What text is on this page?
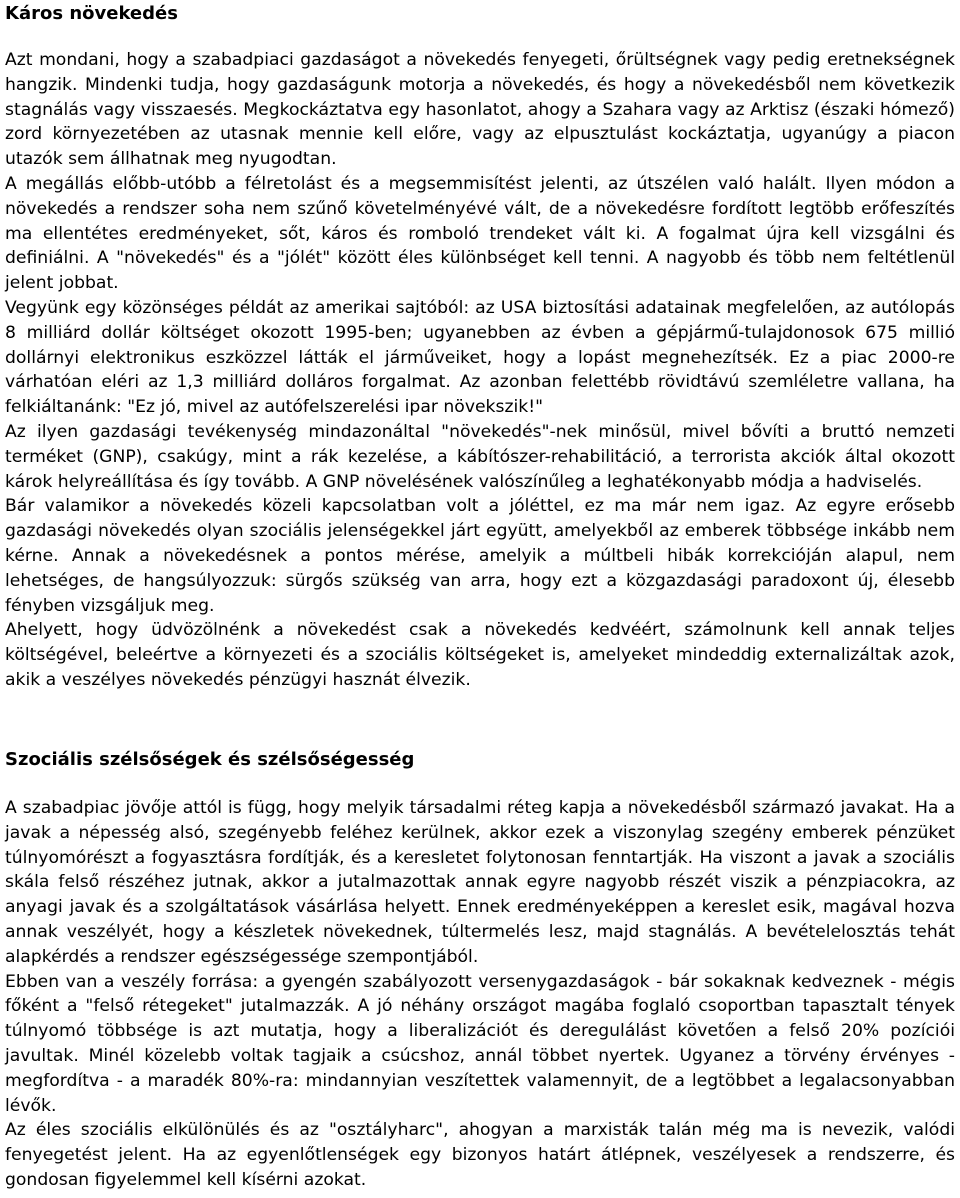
Káros növekedés

Azt mondani, hogy a szabadpiaci gazdaságot a növekedés fenyegeti, őrültségnek vagy pedig eretnekségnek hangzik. Mindenki tudja, hogy gazdaságunk motorja a növekedés, és hogy a növekedésből nem következik stagnálás vagy visszaesés. Megkockáztatva egy hasonlatot, ahogy a Szahara vagy az Arktisz (északi hómező) zord környezetében az utasnak mennie kell előre, vagy az elpusztulást kockáztatja, ugyanúgy a piacon utazók sem állhatnak meg nyugodtan.

A megállás előbb-utóbb a félretolást és a megsemmisítést jelenti, az útszélen való halált. Ilyen módon a növekedés a rendszer soha nem szűnő követelményévé vált, de a növekedésre fordított legtöbb erőfeszítés ma ellentétes eredményeket, sőt, káros és romboló trendeket vált ki. A fogalmat újra kell vizsgálni és definiálni. A "növekedés" és a "jólét" között éles különbséget kell tenni. A nagyobb és több nem feltétlenül jelent jobbat.

Vegyünk egy közönséges példát az amerikai sajtóból: az USA biztosítási adatainak megfelelően, az autólopás 8 milliárd dollár költséget okozott 1995-ben; ugyanebben az évben a gépjármű-tulajdonosok 675 millió dollárnyi elektronikus eszközzel látták el járműveiket, hogy a lopást megnehezítsék. Ez a piac 2000-re várhatóan eléri az 1,3 milliárd dolláros forgalmat. Az azonban felettébb rövidtávú szemléletre vallana, ha felkiáltanánk: "Ez jó, mivel az autófelszerelési ipar növekszik!"

Az ilyen gazdasági tevékenység mindazonáltal "növekedés"-nek minősül, mivel bővíti a bruttó nemzeti terméket (GNP), csakúgy, mint a rák kezelése, a kábítószer-rehabilitáció, a terrorista akciók által okozott károk helyreállítása és így tovább. A GNP növelésének valószínűleg a leghatékonyabb módja a hadviselés.

Bár valamikor a növekedés közeli kapcsolatban volt a jóléttel, ez ma már nem igaz. Az egyre erősebb gazdasági növekedés olyan szociális jelenségekkel járt együtt, amelyekből az emberek többsége inkább nem kérne. Annak a növekedésnek a pontos mérése, amelyik a múltbeli hibák korrekcióján alapul, nem lehetséges, de hangsúlyozzuk: sürgős szükség van arra, hogy ezt a közgazdasági paradoxont új, élesebb fényben vizsgáljuk meg.

Ahelyett, hogy üdvözölnénk a növekedést csak a növekedés kedvéért, számolnunk kell annak teljes költségével, beleértve a környezeti és a szociális költségeket is, amelyeket mindeddig externalizáltak azok, akik a veszélyes növekedés pénzügyi hasznát élvezik.

Szociális szélsőségek és szélsőségesség

A szabadpiac jövője attól is függ, hogy melyik társadalmi réteg kapja a növekedésből származó javakat. Ha a javak a népesség alsó, szegényebb feléhez kerülnek, akkor ezek a viszonylag szegény emberek pénzüket túlnyomórészt a fogyasztásra fordítják, és a keresletet folytonosan fenntartják. Ha viszont a javak a szociális skála felső részéhez jutnak, akkor a jutalmazottak annak egyre nagyobb részét viszik a pénzpiacokra, az anyagi javak és a szolgáltatások vásárlása helyett. Ennek eredményeképpen a kereslet esik, magával hozva annak veszélyét, hogy a készletek növekednek, túltermelés lesz, majd stagnálás. A bevételelosztás tehát alapkérdés a rendszer egészségessége szempontjából.

Ebben van a veszély forrása: a gyengén szabályozott versenygazdaságok - bár sokaknak kedveznek - mégis főként a "felső rétegeket" jutalmazzák. A jó néhány országot magába foglaló csoportban tapasztalt tények túlnyomó többsége is azt mutatja, hogy a liberalizációt és deregulálást követően a felső 20% pozíciói javultak. Minél közelebb voltak tagjaik a csúcshoz, annál többet nyertek. Ugyanez a törvény érvényes - megfordítva - a maradék 80%-ra: mindannyian veszítettek valamennyit, de a legtöbbet a legalacsonyabban lévők.

Az éles szociális elkülönülés és az "osztályharc", ahogyan a marxisták talán még ma is nevezik, valódi fenyegetést jelent. Ha az egyenlőtlenségek egy bizonyos határt átlépnek, veszélyesek a rendszerre, és gondosan figyelemmel kell kísérni azokat.
